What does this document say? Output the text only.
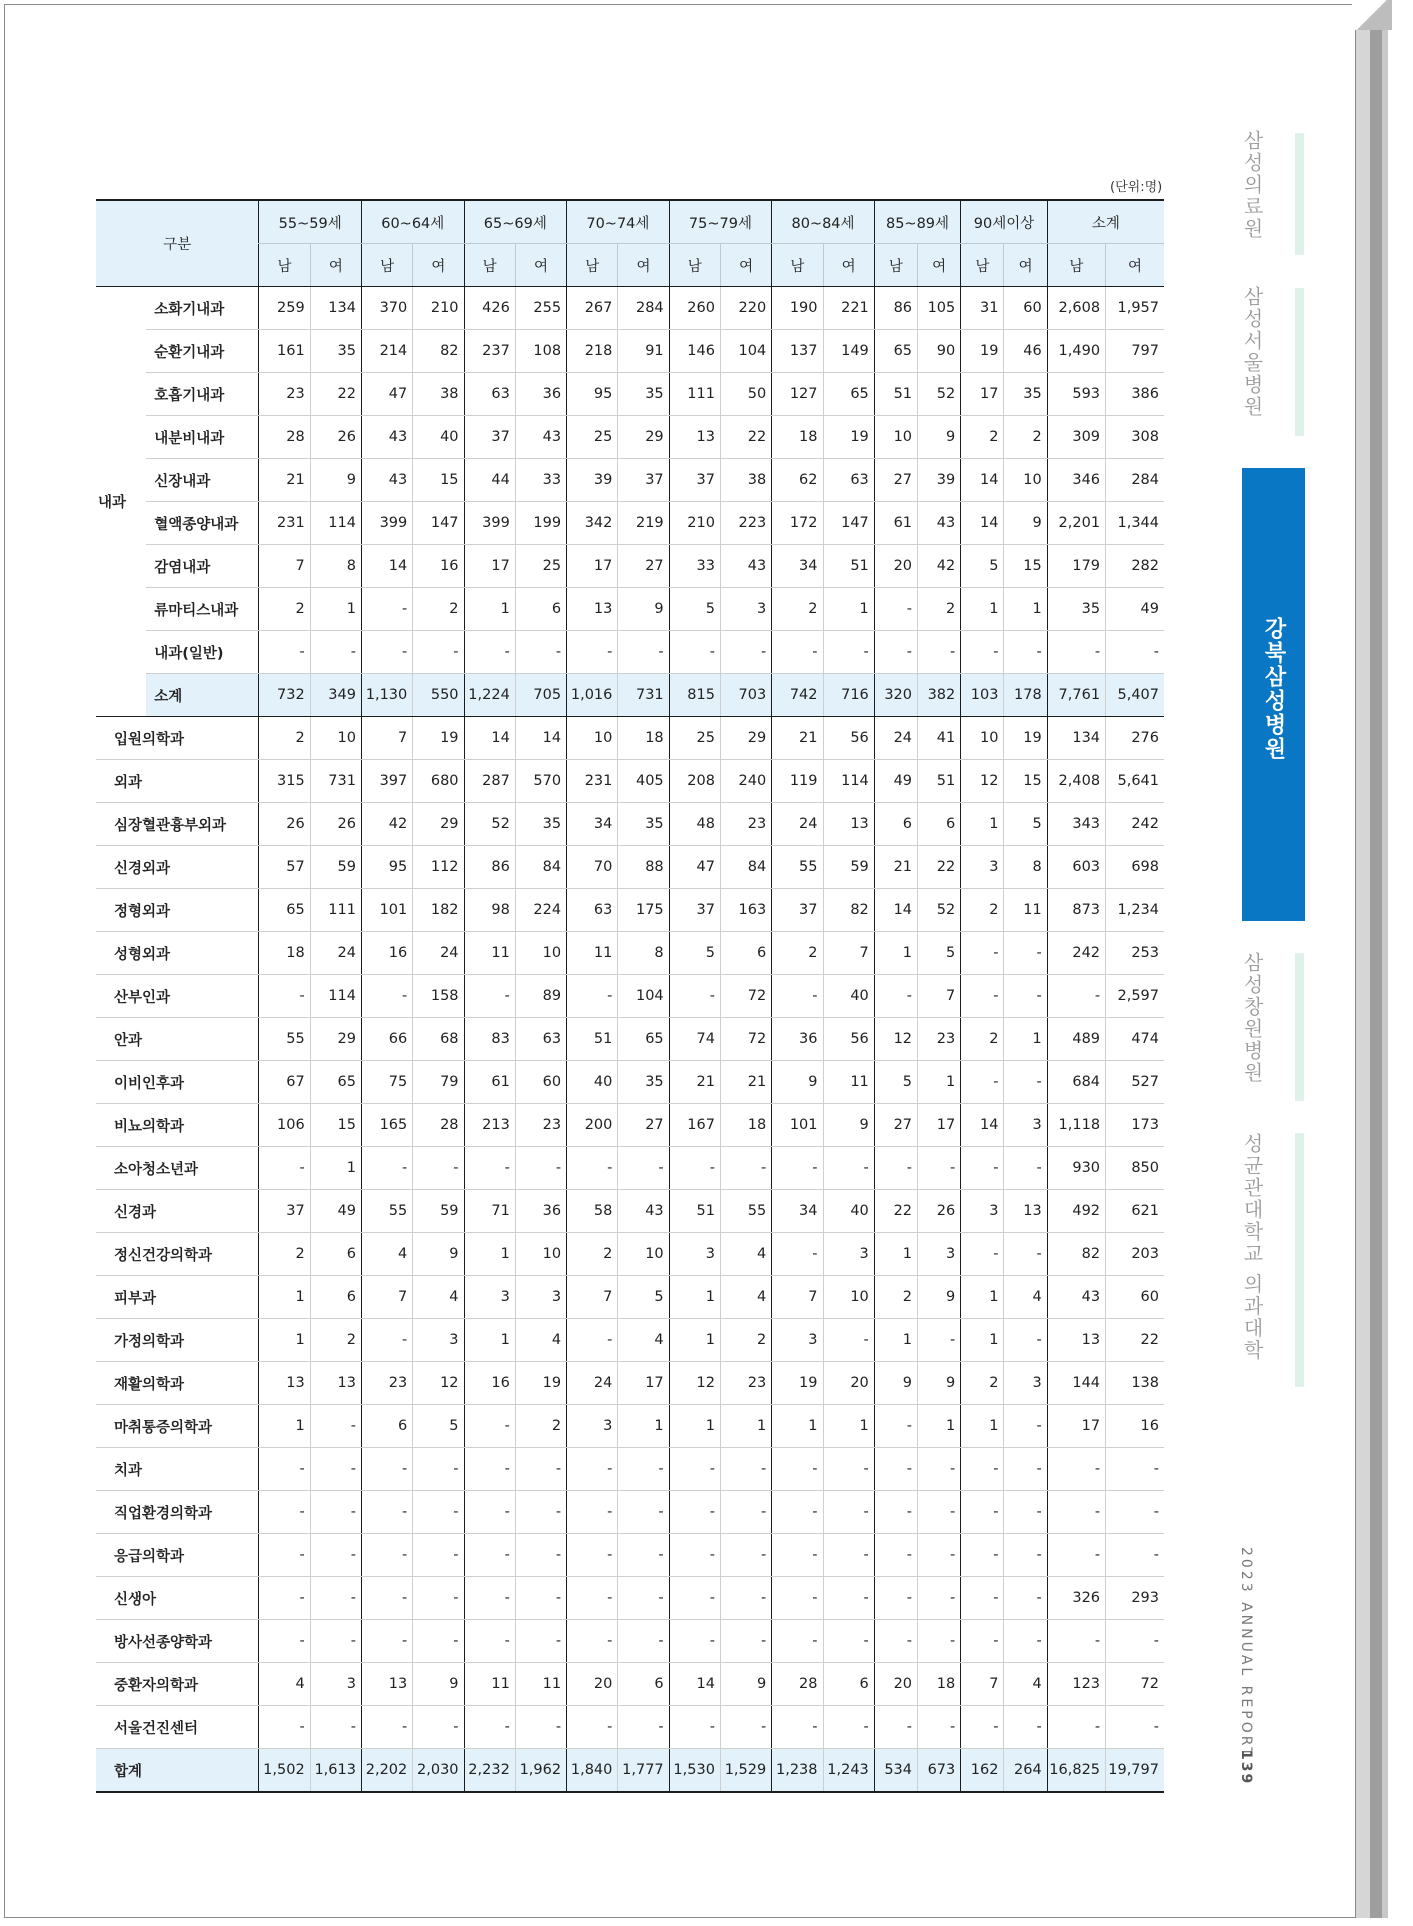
(단위:명)
구분		55~59세		60~64세		65~69세		70~74세		75~79세		80~84세		85~89세		90세이상		소계	
		남	여	남	여	남	여	남	여	남	여	남	여	남	여	남	여	남	여
내과	소화기내과	259	134	370	210	426	255	267	284	260	220	190	221	86	105	31	60	2,608	1,957
	순환기내과	161	35	214	82	237	108	218	91	146	104	137	149	65	90	19	46	1,490	797
	호흡기내과	23	22	47	38	63	36	95	35	111	50	127	65	51	52	17	35	593	386
	내분비내과	28	26	43	40	37	43	25	29	13	22	18	19	10	9	2	2	309	308
	신장내과	21	9	43	15	44	33	39	37	37	38	62	63	27	39	14	10	346	284
	혈액종양내과	231	114	399	147	399	199	342	219	210	223	172	147	61	43	14	9	2,201	1,344
	감염내과	7	8	14	16	17	25	17	27	33	43	34	51	20	42	5	15	179	282
	류마티스내과	2	1	-	2	1	6	13	9	5	3	2	1	-	2	1	1	35	49
	내과(일반)	-	-	-	-	-	-	-	-	-	-	-	-	-	-	-	-	-	-
	소계	732	349	1,130	550	1,224	705	1,016	731	815	703	742	716	320	382	103	178	7,761	5,407
입원의학과		2	10	7	19	14	14	10	18	25	29	21	56	24	41	10	19	134	276
외과		315	731	397	680	287	570	231	405	208	240	119	114	49	51	12	15	2,408	5,641
심장혈관흉부외과		26	26	42	29	52	35	34	35	48	23	24	13	6	6	1	5	343	242
신경외과		57	59	95	112	86	84	70	88	47	84	55	59	21	22	3	8	603	698
정형외과		65	111	101	182	98	224	63	175	37	163	37	82	14	52	2	11	873	1,234
성형외과		18	24	16	24	11	10	11	8	5	6	2	7	1	5	-	-	242	253
산부인과		-	114	-	158	-	89	-	104	-	72	-	40	-	7	-	-	-	2,597
안과		55	29	66	68	83	63	51	65	74	72	36	56	12	23	2	1	489	474
이비인후과		67	65	75	79	61	60	40	35	21	21	9	11	5	1	-	-	684	527
비뇨의학과		106	15	165	28	213	23	200	27	167	18	101	9	27	17	14	3	1,118	173
소아청소년과		-	1	-	-	-	-	-	-	-	-	-	-	-	-	-	-	930	850
신경과		37	49	55	59	71	36	58	43	51	55	34	40	22	26	3	13	492	621
정신건강의학과		2	6	4	9	1	10	2	10	3	4	-	3	1	3	-	-	82	203
피부과		1	6	7	4	3	3	7	5	1	4	7	10	2	9	1	4	43	60
가정의학과		1	2	-	3	1	4	-	4	1	2	3	-	1	-	1	-	13	22
재활의학과		13	13	23	12	16	19	24	17	12	23	19	20	9	9	2	3	144	138
마취통증의학과		1	-	6	5	-	2	3	1	1	1	1	1	-	1	1	-	17	16
치과		-	-	-	-	-	-	-	-	-	-	-	-	-	-	-	-	-	-
직업환경의학과		-	-	-	-	-	-	-	-	-	-	-	-	-	-	-	-	-	-
응급의학과		-	-	-	-	-	-	-	-	-	-	-	-	-	-	-	-	-	-
신생아		-	-	-	-	-	-	-	-	-	-	-	-	-	-	-	-	326	293
방사선종양학과		-	-	-	-	-	-	-	-	-	-	-	-	-	-	-	-	-	-
중환자의학과		4	3	13	9	11	11	20	6	14	9	28	6	20	18	7	4	123	72
서울건진센터		-	-	-	-	-	-	-	-	-	-	-	-	-	-	-	-	-	-
합계		1,502	1,613	2,202	2,030	2,232	1,962	1,840	1,777	1,530	1,529	1,238	1,243	534	673	162	264	16,825	19,797
삼성의료원
삼성서울병원
강북삼성병원
삼성창원병원
성균관대학교 의과대학
2023 ANNUAL REPORT
139
